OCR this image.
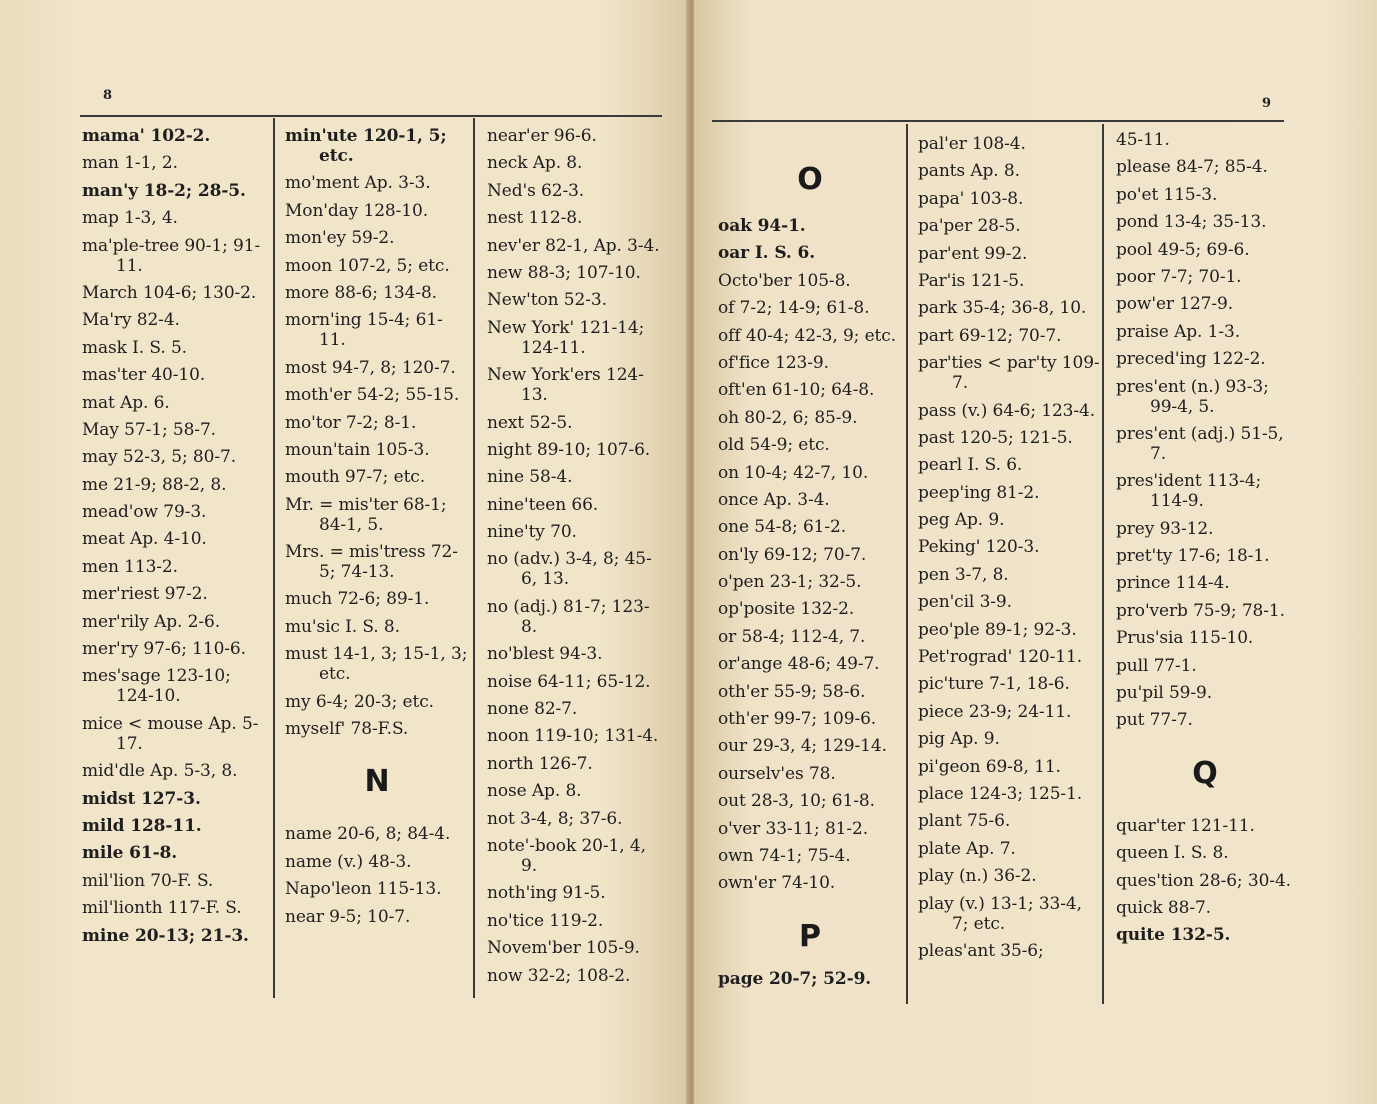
8
mama' 102-2.
man 1-1, 2.
man'y 18-2; 28-5.
map 1-3, 4.
ma'ple-tree 90-1; 91-11.
March 104-6; 130-2.
Ma'ry 82-4.
mask I. S. 5.
mas'ter 40-10.
mat Ap. 6.
May 57-1; 58-7.
may 52-3, 5; 80-7.
me 21-9; 88-2, 8.
mead'ow 79-3.
meat Ap. 4-10.
men 113-2.
mer'riest 97-2.
mer'rily Ap. 2-6.
mer'ry 97-6; 110-6.
mes'sage 123-10; 124-10.
mice < mouse Ap. 5-17.
mid'dle Ap. 5-3, 8.
midst 127-3.
mild 128-11.
mile 61-8.
mil'lion 70-F. S.
mil'lionth 117-F. S.
mine 20-13; 21-3.
min'ute 120-1, 5; etc.
mo'ment Ap. 3-3.
Mon'day 128-10.
mon'ey 59-2.
moon 107-2, 5; etc.
more 88-6; 134-8.
morn'ing 15-4; 61-11.
most 94-7, 8; 120-7.
moth'er 54-2; 55-15.
mo'tor 7-2; 8-1.
moun'tain 105-3.
mouth 97-7; etc.
Mr. = mis'ter 68-1; 84-1, 5.
Mrs. = mis'tress 72-5; 74-13.
much 72-6; 89-1.
mu'sic I. S. 8.
must 14-1, 3; 15-1, 3; etc.
my 6-4; 20-3; etc.
myself' 78-F.S.
N
name 20-6, 8; 84-4.
name (v.) 48-3.
Napo'leon 115-13.
near 9-5; 10-7.
near'er 96-6.
neck Ap. 8.
Ned's 62-3.
nest 112-8.
nev'er 82-1, Ap. 3-4.
new 88-3; 107-10.
New'ton 52-3.
New York' 121-14; 124-11.
New York'ers 124-13.
next 52-5.
night 89-10; 107-6.
nine 58-4.
nine'teen 66.
nine'ty 70.
no (adv.) 3-4, 8; 45-6, 13.
no (adj.) 81-7; 123-8.
no'blest 94-3.
noise 64-11; 65-12.
none 82-7.
noon 119-10; 131-4.
north 126-7.
nose Ap. 8.
not 3-4, 8; 37-6.
note'-book 20-1, 4, 9.
noth'ing 91-5.
no'tice 119-2.
Novem'ber 105-9.
now 32-2; 108-2.
9
O
oak 94-1.
oar I. S. 6.
Octo'ber 105-8.
of 7-2; 14-9; 61-8.
off 40-4; 42-3, 9; etc.
of'fice 123-9.
oft'en 61-10; 64-8.
oh 80-2, 6; 85-9.
old 54-9; etc.
on 10-4; 42-7, 10.
once Ap. 3-4.
one 54-8; 61-2.
on'ly 69-12; 70-7.
o'pen 23-1; 32-5.
op'posite 132-2.
or 58-4; 112-4, 7.
or'ange 48-6; 49-7.
oth'er 55-9; 58-6.
oth'er 99-7; 109-6.
our 29-3, 4; 129-14.
ourselv'es 78.
out 28-3, 10; 61-8.
o'ver 33-11; 81-2.
own 74-1; 75-4.
own'er 74-10.
P
page 20-7; 52-9.
pal'er 108-4.
pants Ap. 8.
papa' 103-8.
pa'per 28-5.
par'ent 99-2.
Par'is 121-5.
park 35-4; 36-8, 10.
part 69-12; 70-7.
par'ties < par'ty 109-7.
pass (v.) 64-6; 123-4.
past 120-5; 121-5.
pearl I. S. 6.
peep'ing 81-2.
peg Ap. 9.
Peking' 120-3.
pen 3-7, 8.
pen'cil 3-9.
peo'ple 89-1; 92-3.
Pet'rograd' 120-11.
pic'ture 7-1, 18-6.
piece 23-9; 24-11.
pig Ap. 9.
pi'geon 69-8, 11.
place 124-3; 125-1.
plant 75-6.
plate Ap. 7.
play (n.) 36-2.
play (v.) 13-1; 33-4, 7; etc.
pleas'ant 35-6;
45-11.
please 84-7; 85-4.
po'et 115-3.
pond 13-4; 35-13.
pool 49-5; 69-6.
poor 7-7; 70-1.
pow'er 127-9.
praise Ap. 1-3.
preced'ing 122-2.
pres'ent (n.) 93-3; 99-4, 5.
pres'ent (adj.) 51-5, 7.
pres'ident 113-4; 114-9.
prey 93-12.
pret'ty 17-6; 18-1.
prince 114-4.
pro'verb 75-9; 78-1.
Prus'sia 115-10.
pull 77-1.
pu'pil 59-9.
put 77-7.
Q
quar'ter 121-11.
queen I. S. 8.
ques'tion 28-6; 30-4.
quick 88-7.
quite 132-5.
